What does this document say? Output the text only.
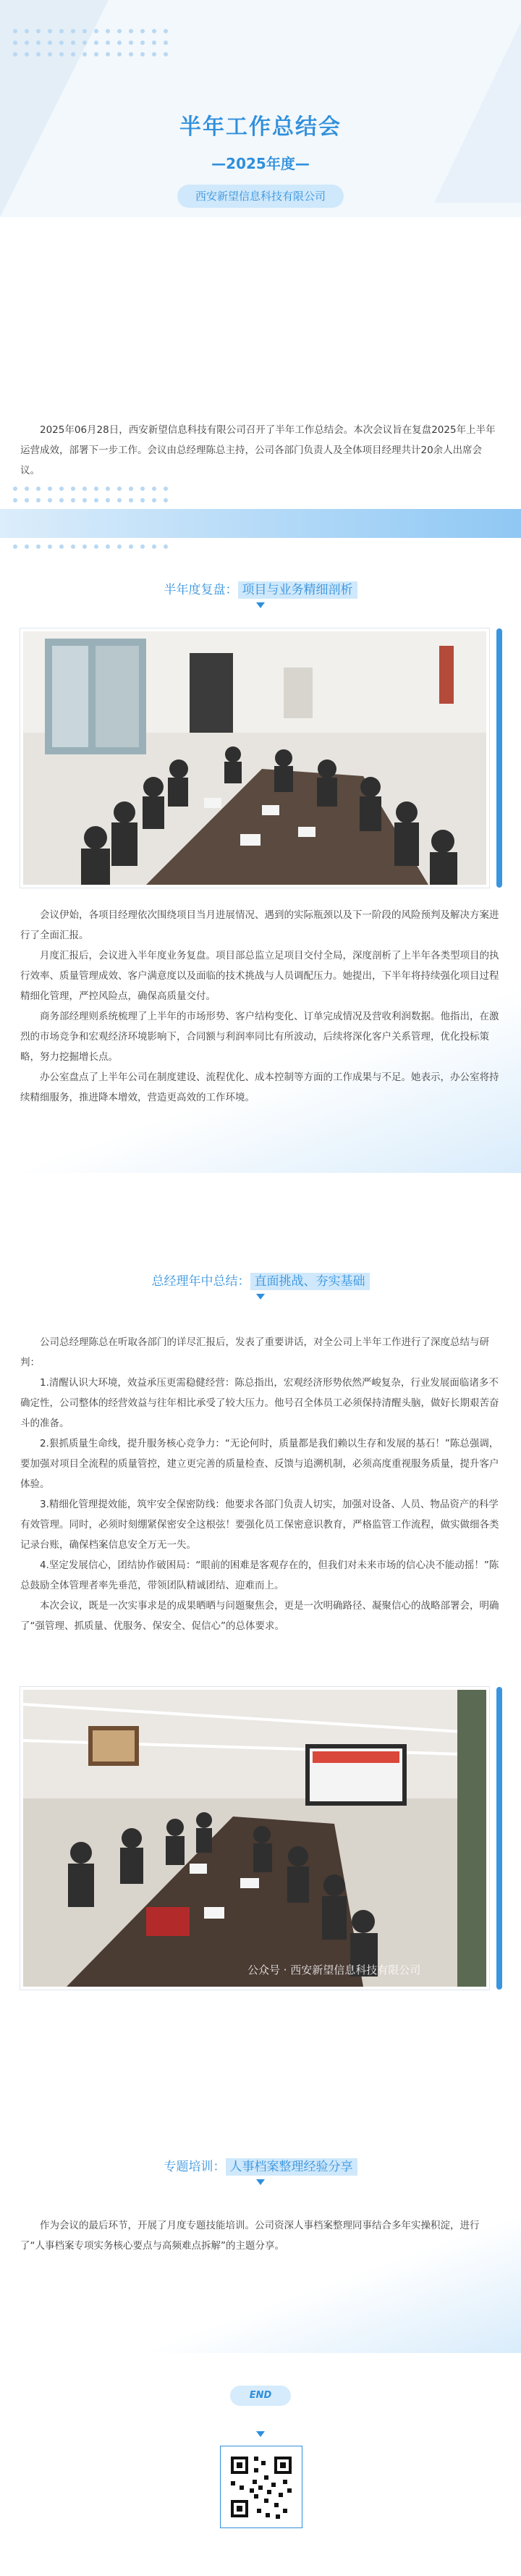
半年工作总结会
—2025年度—
西安新望信息科技有限公司
2025年06月28日，西安新望信息科技有限公司召开了半年工作总结会。本次会议旨在复盘2025年上半年运营成效，部署下一步工作。会议由总经理陈总主持，公司各部门负责人及全体项目经理共计20余人出席会议。
半年度复盘： 项目与业务精细剖析
会议伊始，各项目经理依次围绕项目当月进展情况、遇到的实际瓶颈以及下一阶段的风险预判及解决方案进行了全面汇报。
月度汇报后，会议进入半年度业务复盘。项目部总监立足项目交付全局，深度剖析了上半年各类型项目的执行效率、质量管理成效、客户满意度以及面临的技术挑战与人员调配压力。她提出，下半年将持续强化项目过程精细化管理，严控风险点，确保高质量交付。
商务部经理则系统梳理了上半年的市场形势、客户结构变化、订单完成情况及营收利润数据。他指出，在激烈的市场竞争和宏观经济环境影响下，合同额与利润率同比有所波动，后续将深化客户关系管理，优化投标策略，努力挖掘增长点。
办公室盘点了上半年公司在制度建设、流程优化、成本控制等方面的工作成果与不足。她表示，办公室将持续精细服务，推进降本增效，营造更高效的工作环境。
总经理年中总结： 直面挑战、夯实基础
公司总经理陈总在听取各部门的详尽汇报后，发表了重要讲话，对全公司上半年工作进行了深度总结与研判：
1.清醒认识大环境，效益承压更需稳健经营：陈总指出，宏观经济形势依然严峻复杂，行业发展面临诸多不确定性，公司整体的经营效益与往年相比承受了较大压力。他号召全体员工必须保持清醒头脑，做好长期艰苦奋斗的准备。
2.狠抓质量生命线，提升服务核心竞争力：“无论何时，质量都是我们赖以生存和发展的基石！”陈总强调，要加强对项目全流程的质量管控，建立更完善的质量检查、反馈与追溯机制，必须高度重视服务质量，提升客户体验。
3.精细化管理提效能，筑牢安全保密防线：他要求各部门负责人切实，加强对设备、人员、物品资产的科学有效管理。同时，必须时刻绷紧保密安全这根弦！要强化员工保密意识教育，严格监管工作流程，做实做细各类记录台账，确保档案信息安全万无一失。
4.坚定发展信心，团结协作破困局：“眼前的困难是客观存在的，但我们对未来市场的信心决不能动摇！”陈总鼓励全体管理者率先垂范，带领团队精诚团结、迎难而上。
本次会议，既是一次实事求是的成果晒晒与问题聚焦会，更是一次明确路径、凝聚信心的战略部署会，明确了“强管理、抓质量、优服务、保安全、促信心”的总体要求。
公众号 · 西安新望信息科技有限公司
专题培训： 人事档案整理经验分享
作为会议的最后环节，开展了月度专题技能培训。公司资深人事档案整理同事结合多年实操积淀，进行了“人事档案专项实务核心要点与高频难点拆解”的主题分享。
END
